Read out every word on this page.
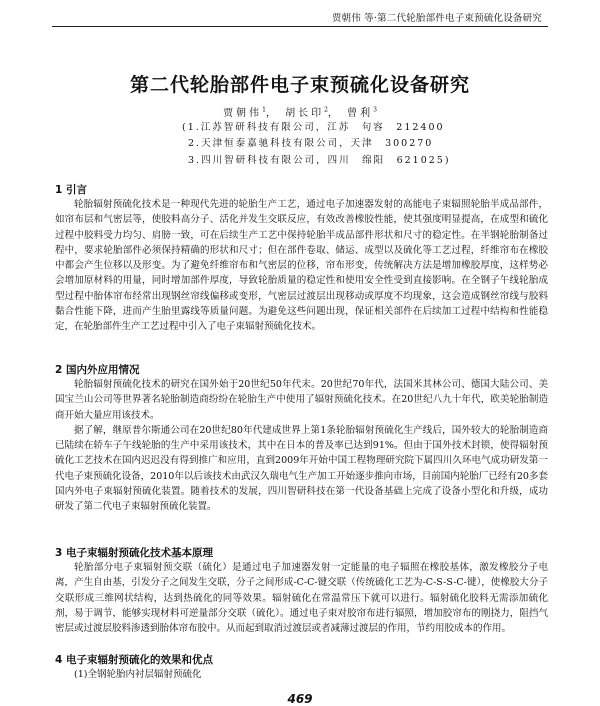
贾朝伟 等·第二代轮胎部件电子束预硫化设备研究
第二代轮胎部件电子束预硫化设备研究
贾朝伟$^1$， 胡长印$^2$， 曾利$^3$
(1.江苏智研科技有限公司，江苏　句容　212400
2.天津恒泰嘉驰科技有限公司，天津　300270
3.四川智研科技有限公司，四川　绵阳　621025)
1 引言

轮胎辐射预硫化技术是一种现代先进的轮胎生产工艺，通过电子加速器发射的高能电子束辐照轮胎半成品部件，如帘布层和气密层等，使胶料高分子、活化并发生交联反应，有效改善橡胶性能，使其强度明显提高，在成型和硫化过程中胶料受力均匀、肩膀一致，可在后续生产工艺中保持轮胎半成品部件形状和尺寸的稳定性。在半钢轮胎制备过程中，要求轮胎部件必须保持精确的形状和尺寸；但在部件卷取、储运、成型以及硫化等工艺过程，纤维帘布在橡胶中都会产生位移以及形变。为了避免纤维帘布和气密层的位移，帘布形变，传统解决方法是增加橡胶厚度，这样势必会增加原材料的用量，同时增加部件厚度，导致轮胎质量的稳定性和使用安全性受到直接影响。在全钢子午线轮胎成型过程中胎体帘布经常出现钢丝帘线偏移或变形，气密层过渡层出现移动或厚度不均现象，这会造成钢丝帘线与胶料黏合性能下降，进而产生胎里露线等质量问题。为避免这些问题出现，保证相关部件在后续加工过程中结构和性能稳定，在轮胎部件生产工艺过程中引入了电子束辐射预硫化技术。

2 国内外应用情况

轮胎辐射预硫化技术的研究在国外始于20世纪50年代末。20世纪70年代，法国米其林公司、德国大陆公司、美国宝兰山公司等世界著名轮胎制造商纷纷在轮胎生产中使用了辐射预硫化技术。在20世纪八九十年代，欧美轮胎制造商开始大量应用该技术。

据了解，继原普尔斯通公司在20世纪80年代建成世界上第1条轮胎辐射预硫化生产线后，国外较大的轮胎制造商已陆续在轿车子午线轮胎的生产中采用该技术，其中在日本的普及率已达到91%。但由于国外技术封锁，使得辐射预硫化工艺技术在国内迟迟没有得到推广和应用，直到2009年开始中国工程物理研究院下属四川久环电气成功研发第一代电子束预硫化设备，2010年以后该技术由武汉久瑞电气生产加工开始逐步推向市场，目前国内轮胎厂已经有20多套国内外电子束辐射预硫化装置。随着技术的发展，四川智研科技在第一代设备基础上完成了设备小型化和升级，成功研发了第二代电子束辐射预硫化装置。

3 电子束辐射预硫化技术基本原理

轮胎部分电子束辐射预交联（硫化）是通过电子加速器发射一定能量的电子辐照在橡胶基体，激发橡胶分子电离，产生自由基，引发分子之间发生交联，分子之间形成-C-C-键交联（传统硫化工艺为-C-S-S-C-键），使橡胶大分子交联形成三维网状结构，达到热硫化的同等效果。辐射硫化在常温常压下就可以进行。辐射硫化胶料无需添加硫化剂，易于调节，能够实现材料可逆量部分交联（硫化）。通过电子束对胶帘布进行辐照，增加胶帘布的刚挠力，阻挡气密层或过渡层胶料渗透到胎体帘布胶中。从而起到取消过渡层或者减薄过渡层的作用，节约用胶成本的作用。

4 电子束辐射预硫化的效果和优点

(1)全钢轮胎内衬层辐射预硫化

469
